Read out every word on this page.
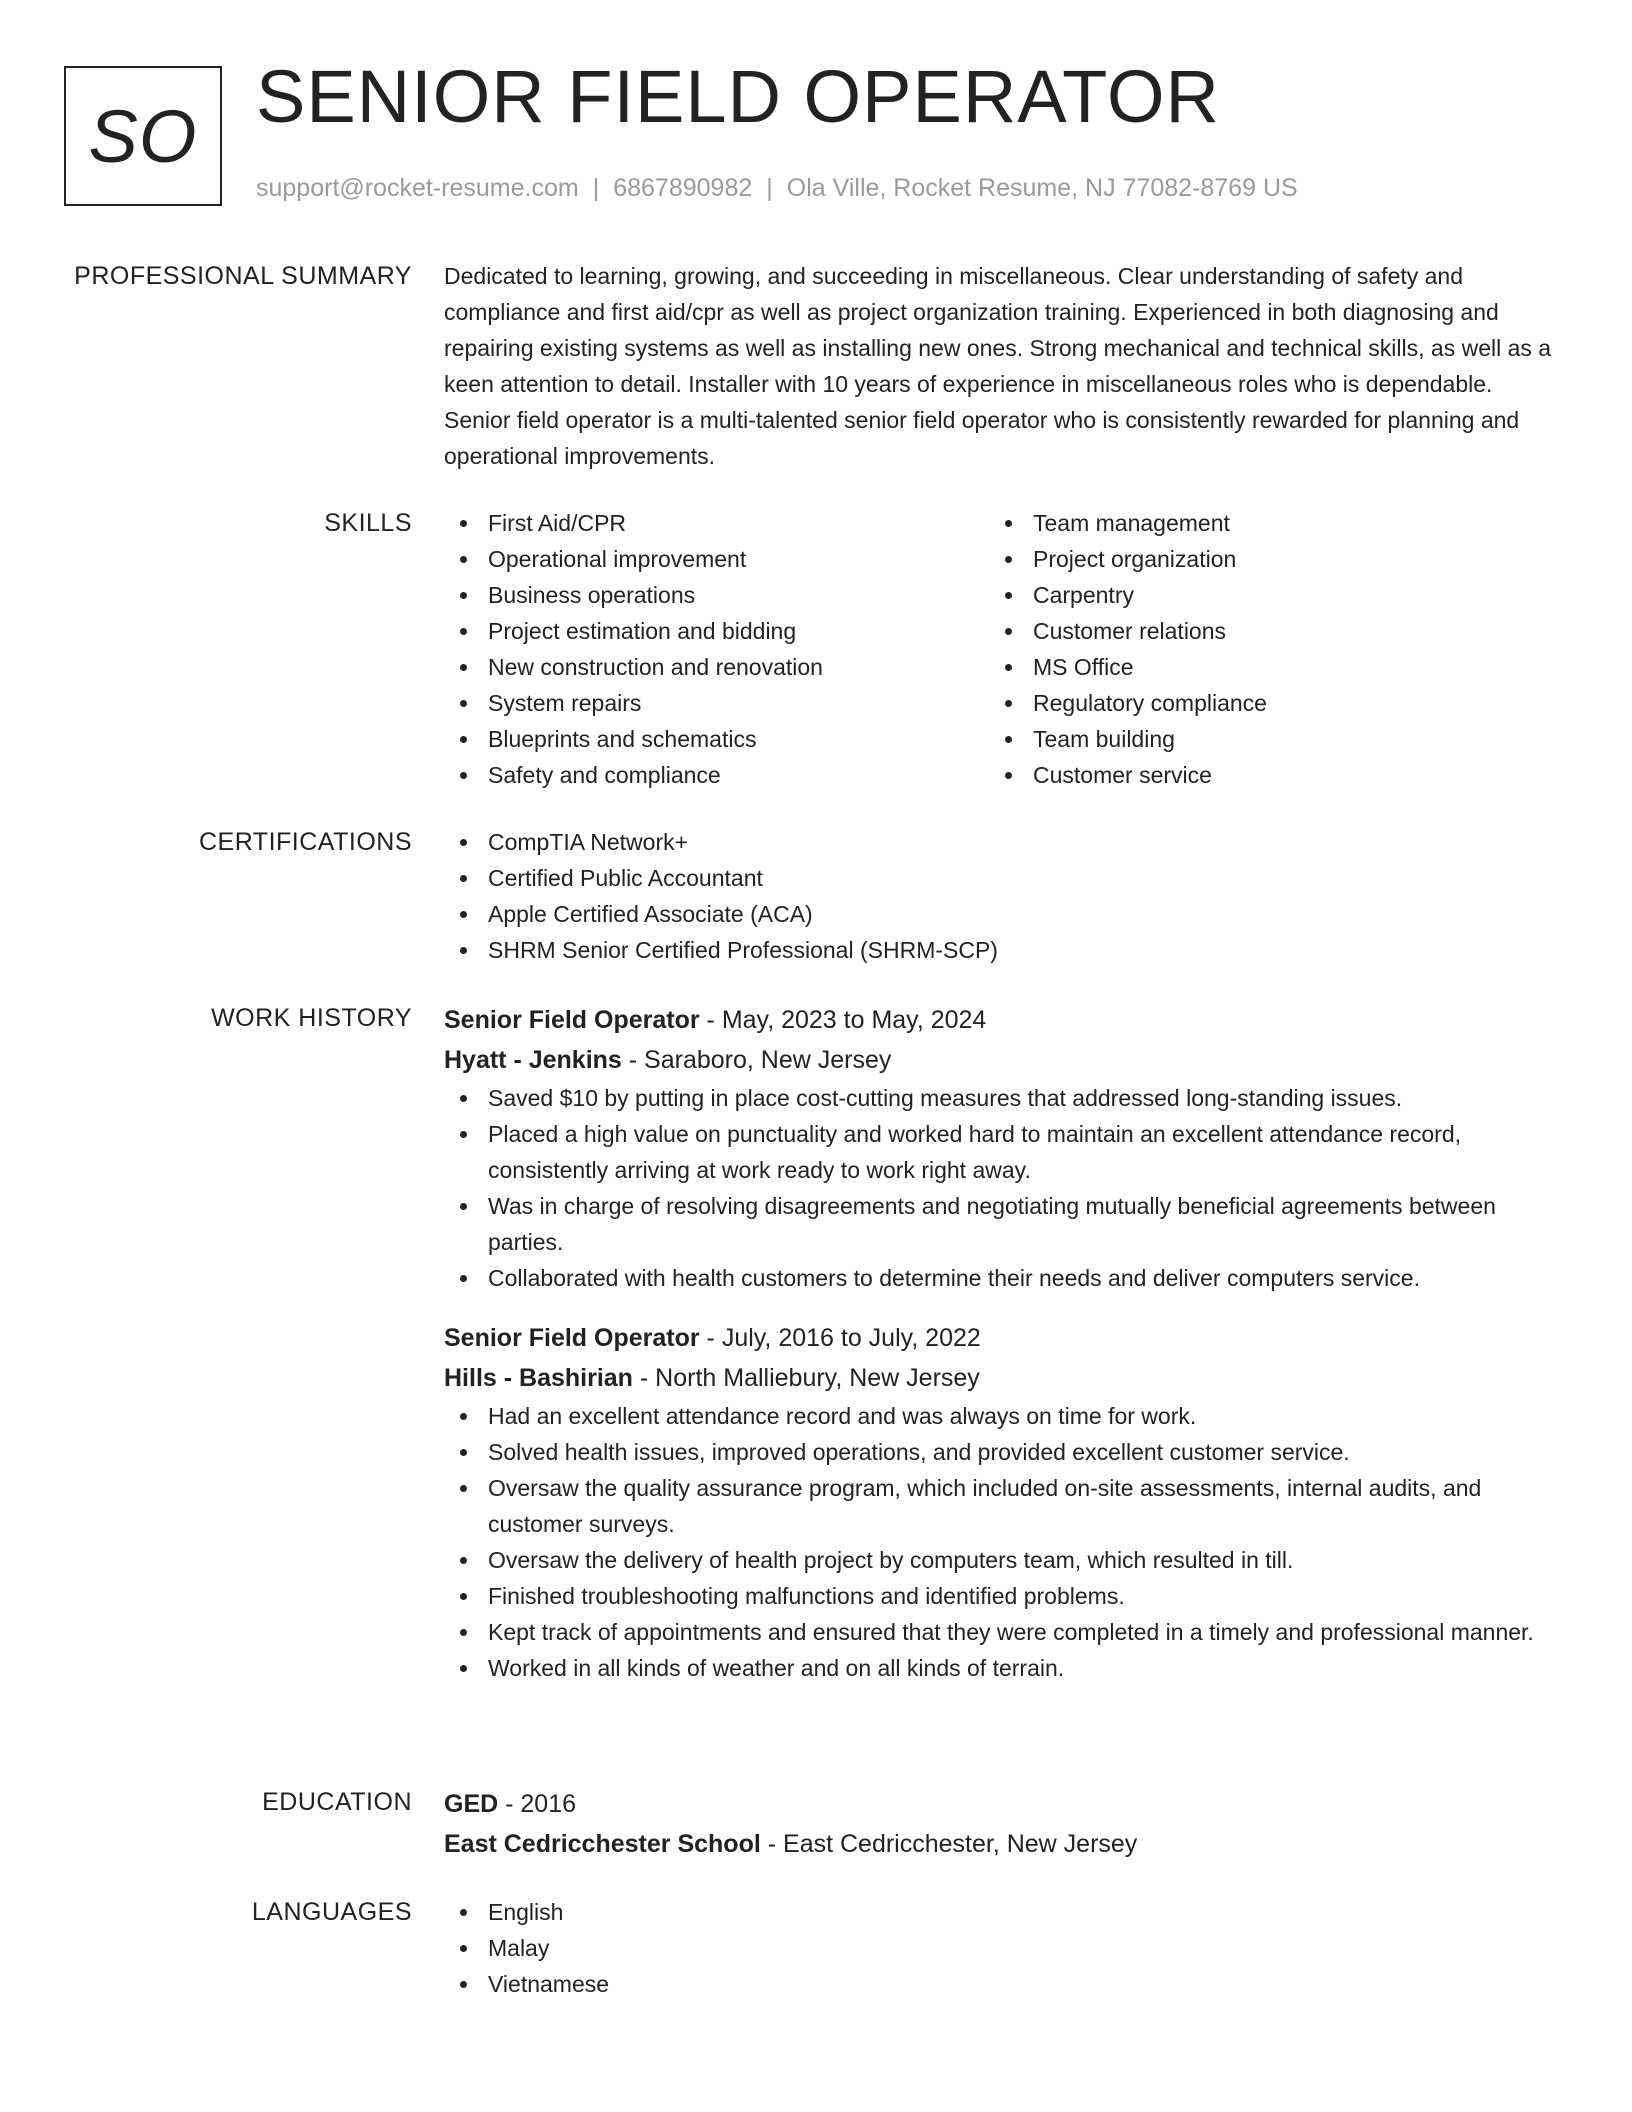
SO SENIOR FIELD OPERATOR
support@rocket-resume.com | 6867890982 | Ola Ville, Rocket Resume, NJ 77082-8769 US
PROFESSIONAL SUMMARY Dedicated to learning, growing, and succeeding in miscellaneous. Clear understanding of safety and compliance and first aid/cpr as well as project organization training. Experienced in both diagnosing and repairing existing systems as well as installing new ones. Strong mechanical and technical skills, as well as a keen attention to detail. Installer with 10 years of experience in miscellaneous roles who is dependable. Senior field operator is a multi-talented senior field operator who is consistently rewarded for planning and operational improvements.

SKILLS	First Aid/CPR
Operational improvement
Business operations
Project estimation and bidding
New construction and renovation
System repairs
Blueprints and schematics
Safety and compliance
Team management
Project organization
Carpentry
Customer relations
MS Office
Regulatory compliance
Team building
Customer service
CERTIFICATIONS	CompTIA Network+
Certified Public Accountant
Apple Certified Associate (ACA)
SHRM Senior Certified Professional (SHRM-SCP)
WORK HISTORY Senior Field Operator - May, 2023 to May, 2024
Hyatt - Jenkins - Saraboro, New Jersey
Saved $10 by putting in place cost-cutting measures that addressed long-standing issues.
Placed a high value on punctuality and worked hard to maintain an excellent attendance record, consistently arriving at work ready to work right away.
Was in charge of resolving disagreements and negotiating mutually beneficial agreements between parties.
Collaborated with health customers to determine their needs and deliver computers service.
Senior Field Operator - July, 2016 to July, 2022
Hills - Bashirian - North Malliebury, New Jersey
Had an excellent attendance record and was always on time for work.
Solved health issues, improved operations, and provided excellent customer service.
Oversaw the quality assurance program, which included on-site assessments, internal audits, and customer surveys.
Oversaw the delivery of health project by computers team, which resulted in till.
Finished troubleshooting malfunctions and identified problems.
Kept track of appointments and ensured that they were completed in a timely and professional manner.
Worked in all kinds of weather and on all kinds of terrain.
EDUCATION GED - 2016
East Cedricchester School - East Cedricchester, New Jersey
LANGUAGES	English
Malay
Vietnamese
